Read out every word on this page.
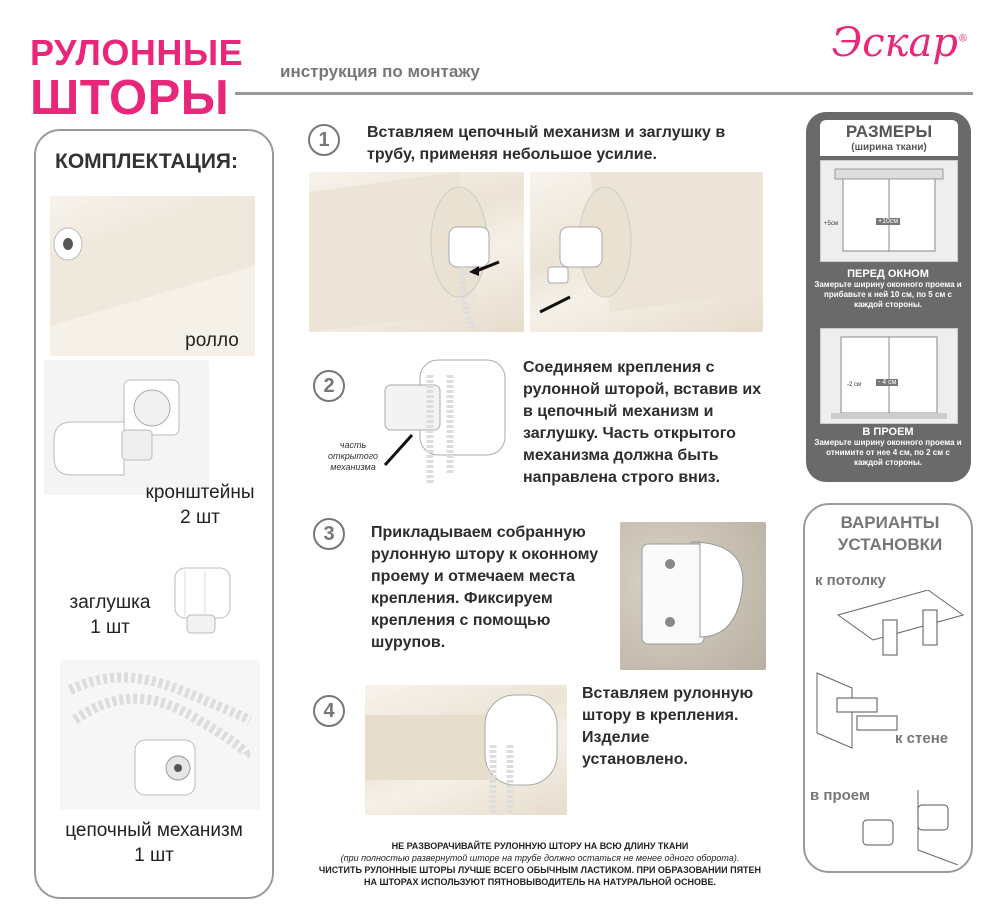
РУЛОННЫЕ
ШТОРЫ	инструкция по монтажу
Эскар®
КОМПЛЕКТАЦИЯ:
ролло
кронштейны
2 шт
заглушка
1 шт
цепочный механизм
1 шт
1	Вставляем цепочный механизм и заглушку в трубу, применяя небольшое усилие.
2
часть открытого механизма
Соединяем крепления с рулонной шторой, вставив их в цепочный механизм и заглушку. Часть открытого механизма должна быть направлена строго вниз.
3	Прикладываем собранную рулонную штору к оконному проему и отмечаем места крепления. Фиксируем крепления с помощью шурупов.
4
Вставляем рулонную штору в крепления. Изделие установлено.
РАЗМЕРЫ
(ширина ткани)
+10см
+5см
ПЕРЕД ОКНОМ
Замерьте ширину оконного проема и прибавьте к ней 10 см, по 5 см с каждой стороны.
- 4 см
-2 см
В ПРОЕМ
Замерьте ширину оконного проема и отнимите от нее 4 см, по 2 см с каждой стороны.
ВАРИАНТЫ УСТАНОВКИ
к потолку
к стене
в проем
НЕ РАЗВОРАЧИВАЙТЕ РУЛОННУЮ ШТОРУ НА ВСЮ ДЛИНУ ТКАНИ
(при полностью развернутой шторе на трубе должно остаться не менее одного оборота).
ЧИСТИТЬ РУЛОННЫЕ ШТОРЫ ЛУЧШЕ ВСЕГО ОБЫЧНЫМ ЛАСТИКОМ. ПРИ ОБРАЗОВАНИИ ПЯТЕН
НА ШТОРАХ ИСПОЛЬЗУЮТ ПЯТНОВЫВОДИТЕЛЬ НА НАТУРАЛЬНОЙ ОСНОВЕ.
